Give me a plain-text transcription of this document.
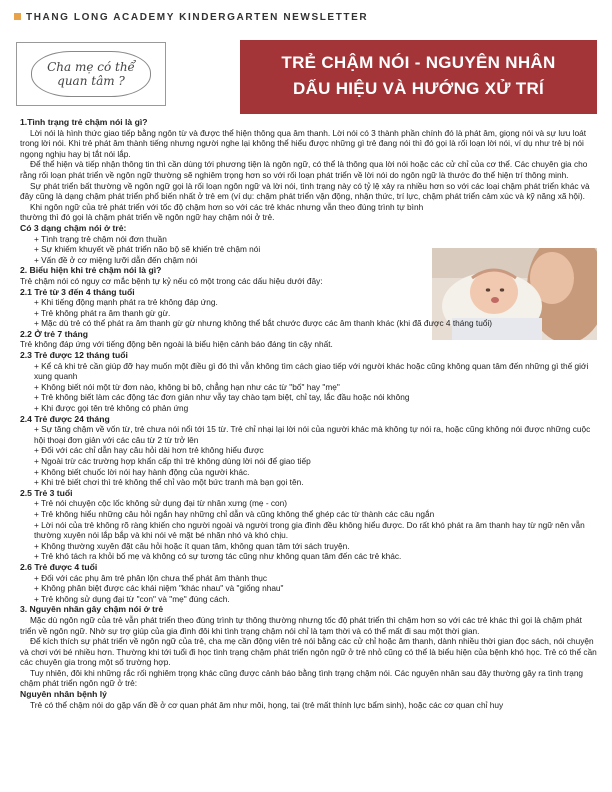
THANG LONG ACADEMY KINDERGARTEN NEWSLETTER
Cha mẹ có thể
quan tâm ?
TRẺ CHẬM NÓI - NGUYÊN NHÂN
DẤU HIỆU VÀ HƯỚNG XỬ TRÍ

1.Tình trạng trẻ chậm nói là gì?

Lời nói là hình thức giao tiếp bằng ngôn từ và được thể hiện thông qua âm thanh. Lời nói có 3 thành phần chính đó là phát âm, giọng nói và sự lưu loát trong lời nói. Khi trẻ phát âm thành tiếng nhưng người nghe lại không thể hiểu được những gì trẻ đang nói thì đó gọi là rối loạn lời nói, ví dụ như trẻ bị nói ngọng nghịu hay bị tắt nói lắp.

Để thể hiện và tiếp nhận thông tin thì cần dùng tới phương tiện là ngôn ngữ, có thể là thông qua lời nói hoặc các cử chỉ của cơ thể. Các chuyên gia cho rằng rối loạn phát triển về ngôn ngữ thường sẽ nghiêm trọng hơn so với rối loạn phát triển về lời nói do ngôn ngữ là thước đo thể hiện trí thông minh.

Sự phát triển bất thường về ngôn ngữ gọi là rối loạn ngôn ngữ và lời nói, tình trạng này có tỷ lệ xảy ra nhiều hơn so với các loại chậm phát triển khác và đây cũng là dạng chậm phát triển phổ biến nhất ở trẻ em (ví dụ: chậm phát triển vận động, nhận thức, trí lực, chậm phát triển cảm xúc và kỹ năng xã hội).

Khi ngôn ngữ của trẻ phát triển với tốc độ chậm hơn so với các trẻ khác nhưng vẫn theo đúng trình tự bình thường thì đó gọi là chậm phát triển về ngôn ngữ hay chậm nói ở trẻ.

Có 3 dạng chậm nói ở trẻ:

+ Tình trạng trẻ chậm nói đơn thuần

+ Sự khiếm khuyết về phát triển não bộ sẽ khiến trẻ chậm nói

+ Vấn đề ở cơ miệng lưỡi dẫn đến chậm nói

2. Biểu hiện khi trẻ chậm nói là gì?

Trẻ chậm nói có nguy cơ mắc bệnh tự kỷ nếu có một trong các dấu hiệu dưới đây:

2.1 Trẻ từ 3 đến 4 tháng tuổi

+ Khi tiếng động mạnh phát ra trẻ không đáp ứng.

+ Trẻ không phát ra âm thanh gừ gừ.

+ Mặc dù trẻ có thể phát ra âm thanh gừ gừ nhưng không thể bắt chước được các âm thanh khác (khi đã được 4 tháng tuổi)

2.2 Ở trẻ 7 tháng

Trẻ không đáp ứng với tiếng động bên ngoài là biểu hiện cảnh báo đáng tin cậy nhất.

2.3 Trẻ được 12 tháng tuổi

+ Kể cả khi trẻ cần giúp đỡ hay muốn một điều gì đó thì vẫn không tìm cách giao tiếp với người khác hoặc cũng không quan tâm đến những gì thế giới xung quanh

+ Không biết nói một từ đơn nào, không bi bô, chẳng hạn như các từ "bố" hay "mẹ"

+ Trẻ không biết làm các động tác đơn giản như vẫy tay chào tạm biệt, chỉ tay, lắc đầu hoặc nói không

+ Khi được gọi tên trẻ không có phản ứng

2.4 Trẻ được 24 tháng

+ Sự tăng chậm về vốn từ, trẻ chưa nói nổi tới 15 từ. Trẻ chỉ nhại lại lời nói của người khác mà không tự nói ra, hoặc cũng không nói được những cuộc hội thoại đơn giản với các câu từ 2 từ trở lên

+ Đối với các chỉ dẫn hay câu hỏi dài hơn trẻ không hiểu được

+ Ngoài trừ các trường hợp khẩn cấp thì trẻ không dùng lời nói để giao tiếp

+ Không biết chuốc lời nói hay hành động của người khác.

+ Khi trẻ biết chơi thì trẻ không thể chỉ vào một bức tranh mà bạn gọi tên.

2.5 Trẻ 3 tuổi

+ Trẻ nói chuyện cộc lốc không sử dụng đại từ nhân xưng (mẹ - con)

+ Trẻ không hiểu những câu hỏi ngắn hay những chỉ dẫn và cũng không thể ghép các từ thành các câu ngắn

+ Lời nói của trẻ không rõ ràng khiến cho người ngoài và người trong gia đình đều không hiểu được. Do rất khó phát ra âm thanh hay từ ngữ nên vẫn thường xuyên nói lắp bắp và khi nói vẻ mặt bé nhăn nhó và khó chịu.

+ Không thường xuyên đặt câu hỏi hoặc ít quan tâm, không quan tâm tới sách truyện.

+ Trẻ khó tách ra khỏi bố mẹ và không có sự tương tác cũng như không quan tâm đến các trẻ khác.

2.6 Trẻ được 4 tuổi

+ Đối với các phụ âm trẻ phân lộn chưa thể phát âm thành thục

+ Không phân biệt được các khái niệm "khác nhau" và "giống nhau"

+ Trẻ không sử dụng đại từ "con" và "mẹ" đúng cách.

3. Nguyên nhân gây chậm nói ở trẻ

Mặc dù ngôn ngữ của trẻ vẫn phát triển theo đúng trình tự thông thường nhưng tốc độ phát triển thì chậm hơn so với các trẻ khác thì gọi là chậm phát triển về ngôn ngữ. Nhờ sự trợ giúp của gia đình đôi khi tình trạng chậm nói chỉ là tạm thời và có thể mất đi sau một thời gian.

Để kích thích sự phát triển về ngôn ngữ của trẻ, cha mẹ cần động viên trẻ nói bằng các cử chỉ hoặc âm thanh, dành nhiều thời gian đọc sách, nói chuyện và chơi với bé nhiều hơn. Thường khi tới tuổi đi học tình trạng chậm phát triển ngôn ngữ ở trẻ nhỏ cũng có thể là biểu hiện của bệnh khó học. Trẻ có thể cần các chuyên gia trong một số trường hợp.

Tuy nhiên, đôi khi những rắc rối nghiêm trọng khác cũng được cảnh báo bằng tình trạng chậm nói. Các nguyên nhân sau đây thường gây ra tình trạng chậm phát triển ngôn ngữ ở trẻ:

Nguyên nhân bệnh lý

Trẻ có thể chậm nói do gặp vấn đề ở cơ quan phát âm như môi, họng, tai (trẻ mất thính lực bẩm sinh), hoặc các cơ quan chỉ huy
